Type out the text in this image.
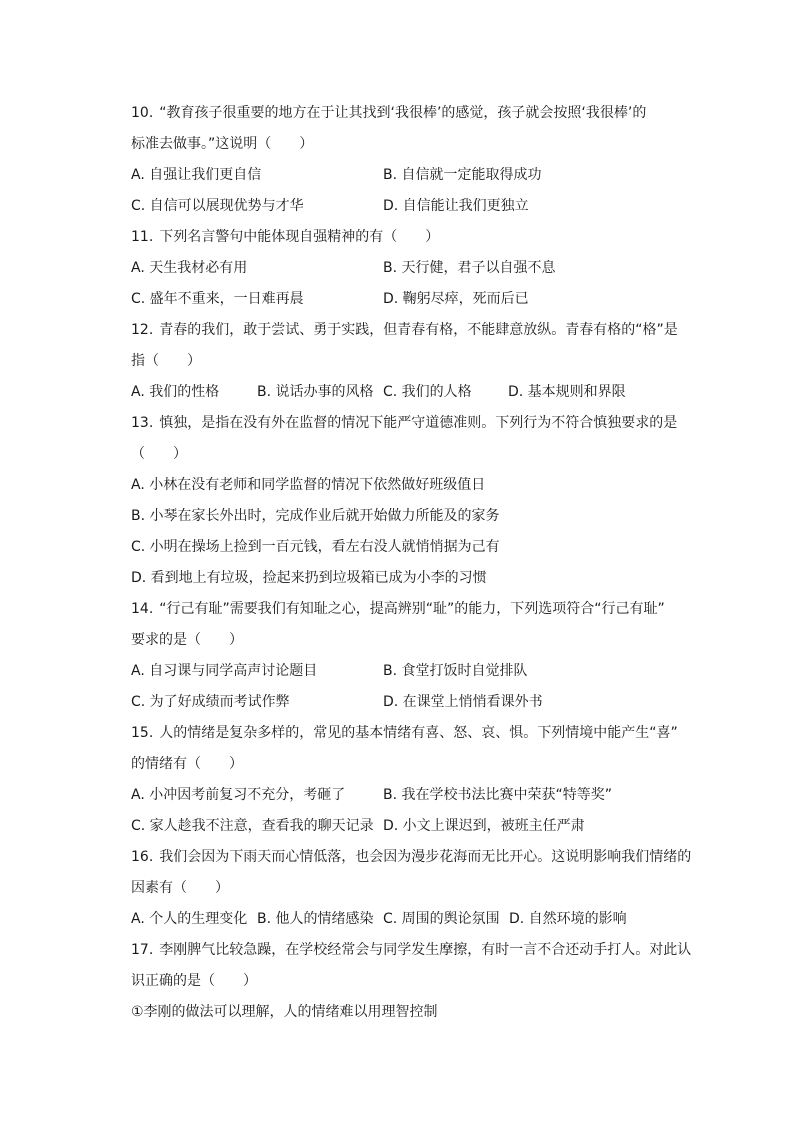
10. “教育孩子很重要的地方在于让其找到‘我很棒’的感觉，孩子就会按照‘我很棒’的
标准去做事。”这说明（　　）
A. 自强让我们更自信	B. 自信就一定能取得成功
C. 自信可以展现优势与才华	D. 自信能让我们更独立
11. 下列名言警句中能体现自强精神的有（　　）
A. 天生我材必有用	B. 天行健，君子以自强不息
C. 盛年不重来，一日难再晨	D. 鞠躬尽瘁，死而后已
12. 青春的我们，敢于尝试、勇于实践，但青春有格，不能肆意放纵。青春有格的“格”是
指（　　）
A. 我们的性格	B. 说话办事的风格 C. 我们的人格	D. 基本规则和界限
13. 慎独，是指在没有外在监督的情况下能严守道德准则。下列行为不符合慎独要求的是
（　　）
A. 小林在没有老师和同学监督的情况下依然做好班级值日
B. 小琴在家长外出时，完成作业后就开始做力所能及的家务
C. 小明在操场上捡到一百元钱，看左右没人就悄悄据为己有
D. 看到地上有垃圾，捡起来扔到垃圾箱已成为小李的习惯
14. “行己有耻”需要我们有知耻之心，提高辨别“耻”的能力，下列选项符合“行己有耻”
要求的是（　　）
A. 自习课与同学高声讨论题目	B. 食堂打饭时自觉排队
C. 为了好成绩而考试作弊	D. 在课堂上悄悄看课外书
15. 人的情绪是复杂多样的，常见的基本情绪有喜、怒、哀、惧。下列情境中能产生“喜”
的情绪有（　　）
A. 小冲因考前复习不充分，考砸了	B. 我在学校书法比赛中荣获“特等奖”
C. 家人趁我不注意，查看我的聊天记录 D. 小文上课迟到，被班主任严肃
16. 我们会因为下雨天而心情低落，也会因为漫步花海而无比开心。这说明影响我们情绪的
因素有（　　）
A. 个人的生理变化 B. 他人的情绪感染 C. 周围的舆论氛围 D. 自然环境的影响
17. 李刚脾气比较急躁，在学校经常会与同学发生摩擦，有时一言不合还动手打人。对此认
识正确的是（　　）
①李刚的做法可以理解，人的情绪难以用理智控制
